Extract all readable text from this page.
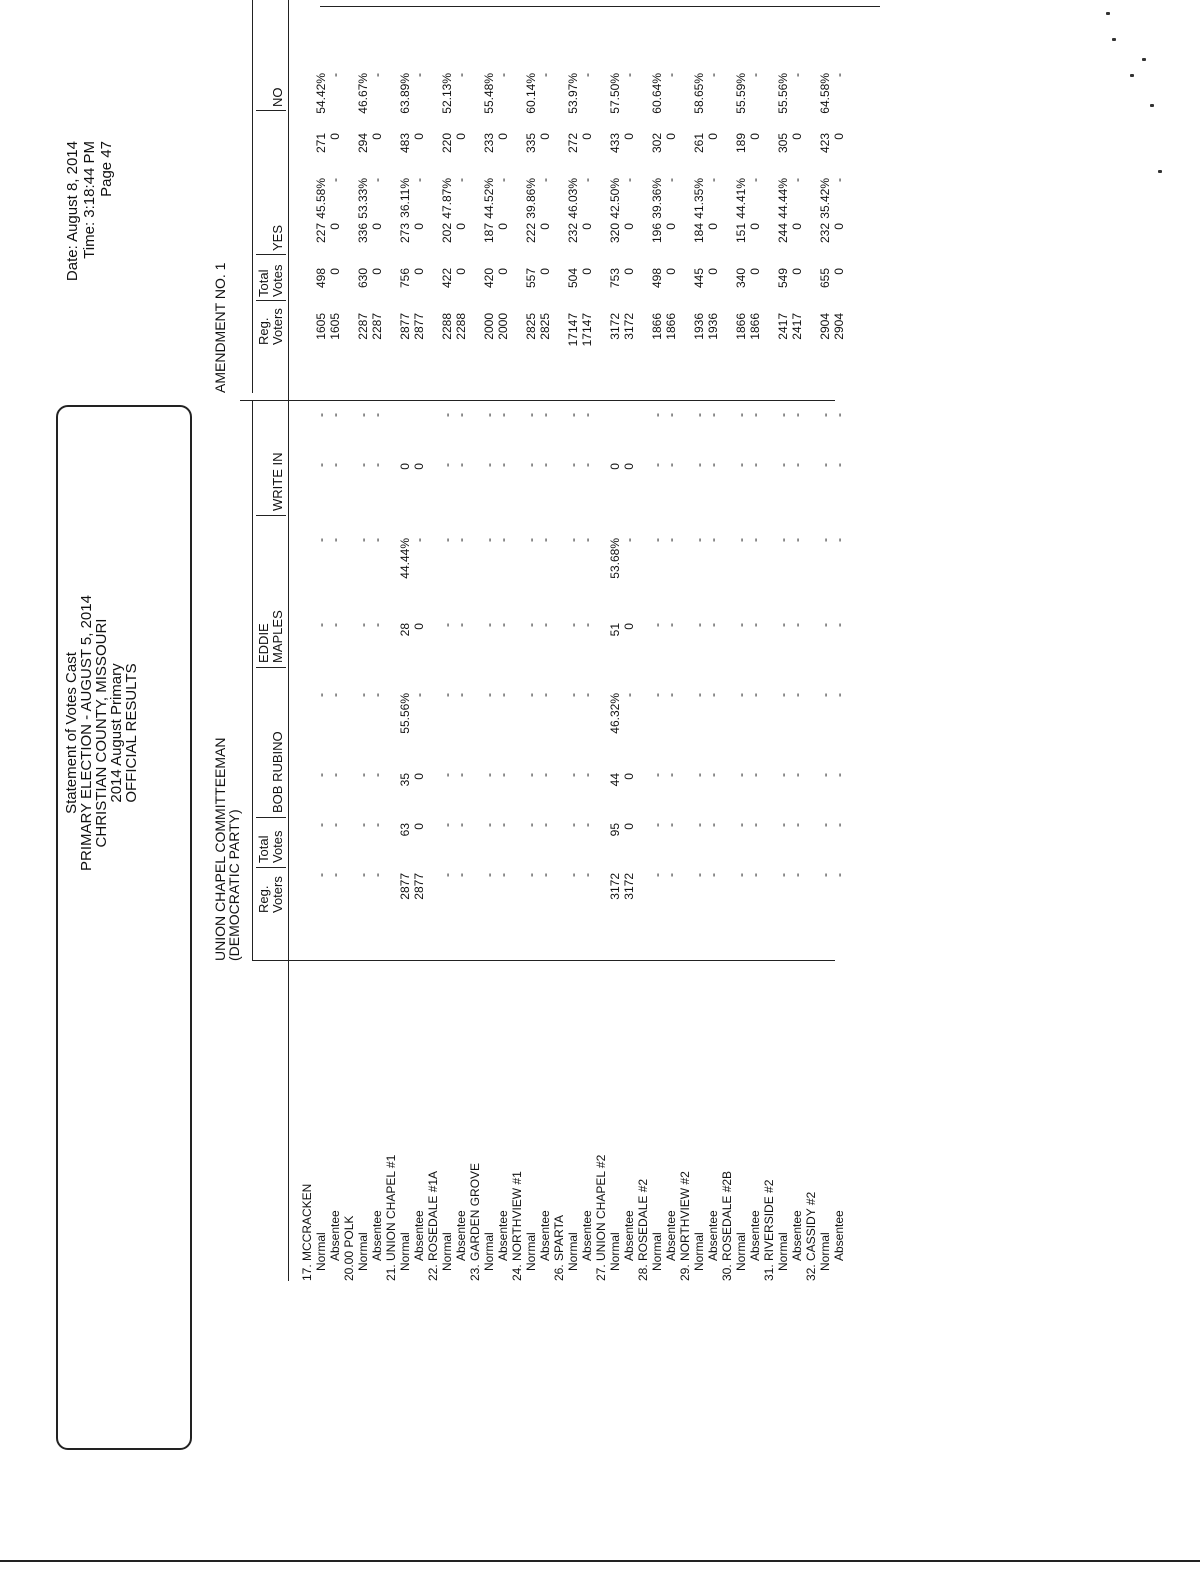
Statement of Votes Cast
PRIMARY ELECTION - AUGUST 5, 2014
CHRISTIAN COUNTY, MISSOURI
2014 August Primary
OFFICIAL RESULTS
Date: August 8, 2014 Time: 3:18:44 PM Page 47
UNION CHAPEL COMMITTEEMAN
(DEMOCRATIC PARTY) Reg. Voters
Total Votes
BOB RUBINO
EDDIE MAPLES
WRITE IN
AMENDMENT NO. 1 Reg. Voters
Total Votes
YES
NO
17. MCCRACKEN Normal
-
-
-
-
-
-
-
-
1605
498
227
45.58%
271
54.42%
Absentee
-
-
-
-
-
-
-
-
1605
0
0
-
0
-
20.00 POLK Normal
-
-
-
-
-
-
-
-
2287
630
336
53.33%
294
46.67%
Absentee
-
-
-
-
-
-
-
-
2287
0
0
-
0
-
21. UNION CHAPEL #1 Normal
2877
63
35
55.56%
28
44.44%
0
2877
756
273
36.11%
483
63.89%
Absentee
2877
0
0
-
0
-
0
2877
0
0
-
0
-
22. ROSEDALE #1A Normal
-
-
-
-
-
-
-
-
2288
422
202
47.87%
220
52.13%
Absentee
-
-
-
-
-
-
-
-
2288
0
0
-
0
-
23. GARDEN GROVE Normal
-
-
-
-
-
-
-
-
2000
420
187
44.52%
233
55.48%
Absentee
-
-
-
-
-
-
-
-
2000
0
0
-
0
-
24. NORTHVIEW #1 Normal
-
-
-
-
-
-
-
-
2825
557
222
39.86%
335
60.14%
Absentee
-
-
-
-
-
-
-
-
2825
0
0
-
0
-
26. SPARTA Normal
-
-
-
-
-
-
-
-
17147
504
232
46.03%
272
53.97%
Absentee
-
-
-
-
-
-
-
-
17147
0
0
-
0
-
27. UNION CHAPEL #2 Normal
3172
95
44
46.32%
51
53.68%
0
3172
753
320
42.50%
433
57.50%
Absentee
3172
0
0
-
0
-
0
3172
0
0
-
0
-
28. ROSEDALE #2 Normal
-
-
-
-
-
-
-
-
1866
498
196
39.36%
302
60.64%
Absentee
-
-
-
-
-
-
-
-
1866
0
0
-
0
-
29. NORTHVIEW #2 Normal
-
-
-
-
-
-
-
-
1936
445
184
41.35%
261
58.65%
Absentee
-
-
-
-
-
-
-
-
1936
0
0
-
0
-
30. ROSEDALE #2B Normal
-
-
-
-
-
-
-
-
1866
340
151
44.41%
189
55.59%
Absentee
-
-
-
-
-
-
-
-
1866
0
0
-
0
-
31. RIVERSIDE #2 Normal
-
-
-
-
-
-
-
-
2417
549
244
44.44%
305
55.56%
Absentee
-
-
-
-
-
-
-
-
2417
0
0
-
0
-
32. CASSIDY #2 Normal
-
-
-
-
-
-
-
-
2904
655
232
35.42%
423
64.58%
Absentee
-
-
-
-
-
-
-
-
2904
0
0
-
0
-
